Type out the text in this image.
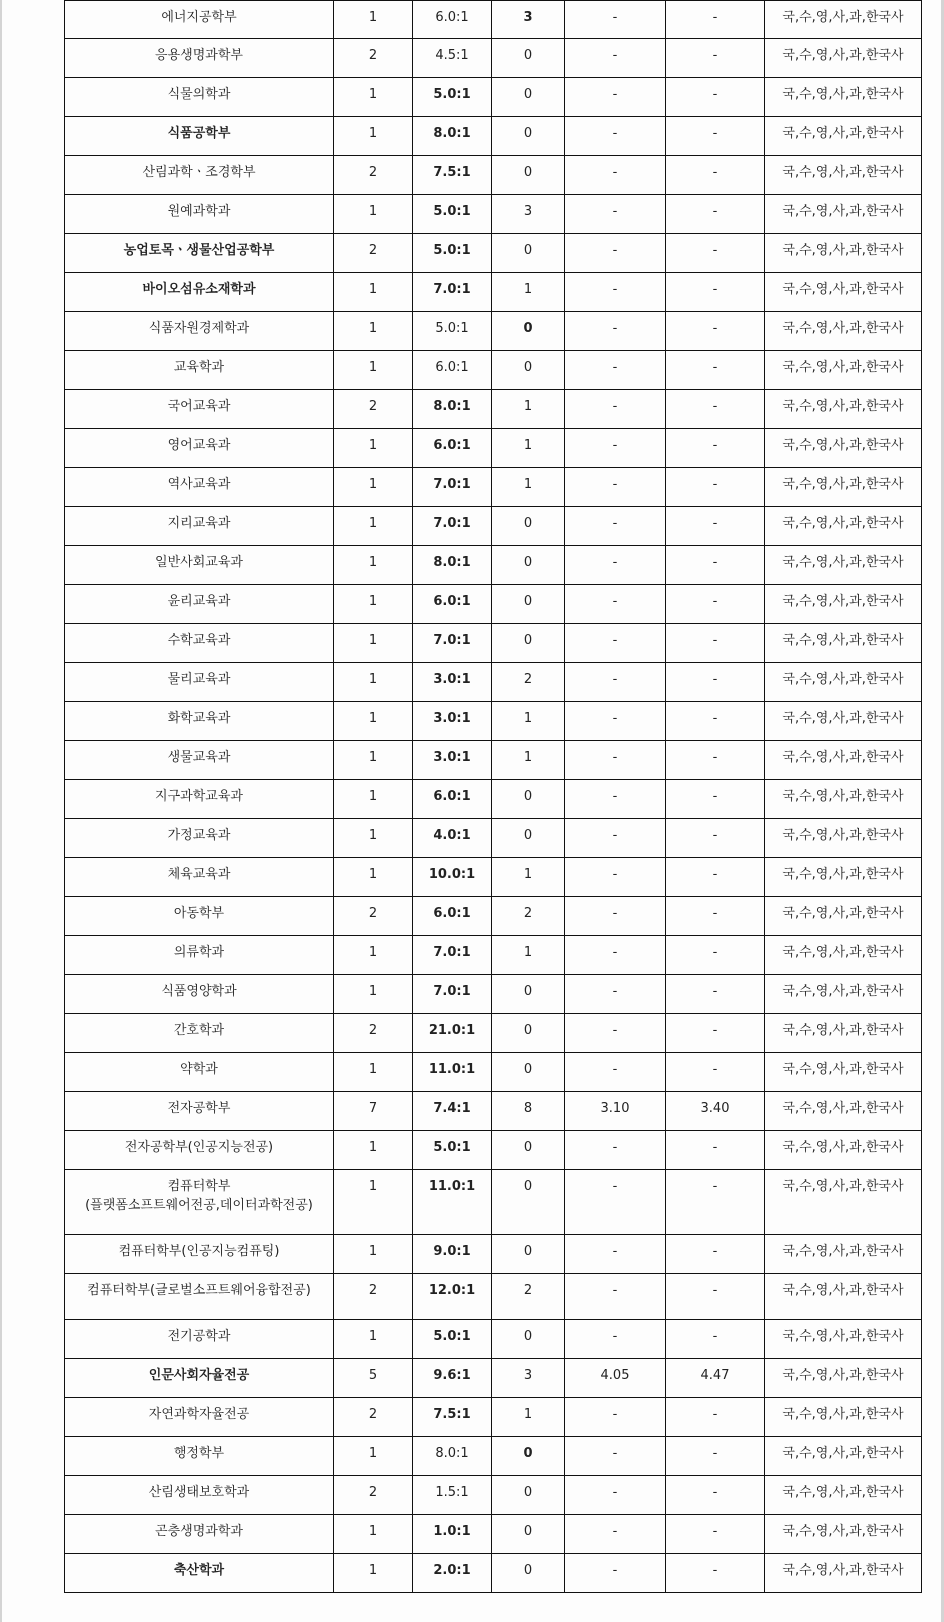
에너지공학부	1	6.0:1	3	-	-	국,수,영,사,과,한국사
응용생명과학부	2	4.5:1	0	-	-	국,수,영,사,과,한국사
식물의학과	1	5.0:1	0	-	-	국,수,영,사,과,한국사
식품공학부	1	8.0:1	0	-	-	국,수,영,사,과,한국사
산림과학ㆍ조경학부	2	7.5:1	0	-	-	국,수,영,사,과,한국사
원예과학과	1	5.0:1	3	-	-	국,수,영,사,과,한국사
농업토목ㆍ생물산업공학부	2	5.0:1	0	-	-	국,수,영,사,과,한국사
바이오섬유소재학과	1	7.0:1	1	-	-	국,수,영,사,과,한국사
식품자원경제학과	1	5.0:1	0	-	-	국,수,영,사,과,한국사
교육학과	1	6.0:1	0	-	-	국,수,영,사,과,한국사
국어교육과	2	8.0:1	1	-	-	국,수,영,사,과,한국사
영어교육과	1	6.0:1	1	-	-	국,수,영,사,과,한국사
역사교육과	1	7.0:1	1	-	-	국,수,영,사,과,한국사
지리교육과	1	7.0:1	0	-	-	국,수,영,사,과,한국사
일반사회교육과	1	8.0:1	0	-	-	국,수,영,사,과,한국사
윤리교육과	1	6.0:1	0	-	-	국,수,영,사,과,한국사
수학교육과	1	7.0:1	0	-	-	국,수,영,사,과,한국사
물리교육과	1	3.0:1	2	-	-	국,수,영,사,과,한국사
화학교육과	1	3.0:1	1	-	-	국,수,영,사,과,한국사
생물교육과	1	3.0:1	1	-	-	국,수,영,사,과,한국사
지구과학교육과	1	6.0:1	0	-	-	국,수,영,사,과,한국사
가정교육과	1	4.0:1	0	-	-	국,수,영,사,과,한국사
체육교육과	1	10.0:1	1	-	-	국,수,영,사,과,한국사
아동학부	2	6.0:1	2	-	-	국,수,영,사,과,한국사
의류학과	1	7.0:1	1	-	-	국,수,영,사,과,한국사
식품영양학과	1	7.0:1	0	-	-	국,수,영,사,과,한국사
간호학과	2	21.0:1	0	-	-	국,수,영,사,과,한국사
약학과	1	11.0:1	0	-	-	국,수,영,사,과,한국사
전자공학부	7	7.4:1	8	3.10	3.40	국,수,영,사,과,한국사
전자공학부(인공지능전공)	1	5.0:1	0	-	-	국,수,영,사,과,한국사
컴퓨터학부
(플랫폼소프트웨어전공,데이터과학전공)	1	11.0:1	0	-	-	국,수,영,사,과,한국사
컴퓨터학부(인공지능컴퓨팅)	1	9.0:1	0	-	-	국,수,영,사,과,한국사
컴퓨터학부(글로벌소프트웨어융합전공)	2	12.0:1	2	-	-	국,수,영,사,과,한국사
전기공학과	1	5.0:1	0	-	-	국,수,영,사,과,한국사
인문사회자율전공	5	9.6:1	3	4.05	4.47	국,수,영,사,과,한국사
자연과학자율전공	2	7.5:1	1	-	-	국,수,영,사,과,한국사
행정학부	1	8.0:1	0	-	-	국,수,영,사,과,한국사
산림생태보호학과	2	1.5:1	0	-	-	국,수,영,사,과,한국사
곤충생명과학과	1	1.0:1	0	-	-	국,수,영,사,과,한국사
축산학과	1	2.0:1	0	-	-	국,수,영,사,과,한국사
